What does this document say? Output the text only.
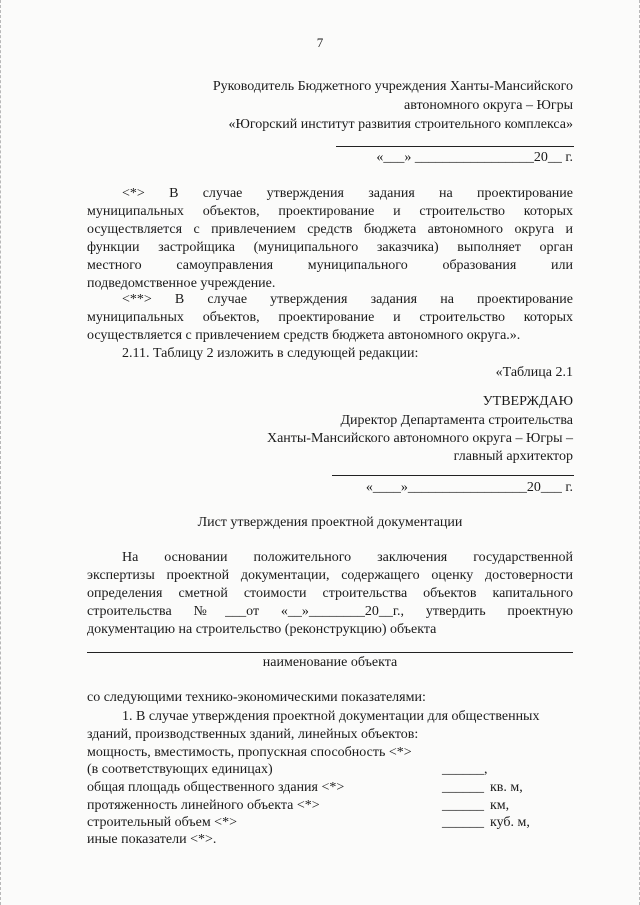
7
Руководитель Бюджетного учреждения Ханты-Мансийского
автономного округа – Югры
«Югорский институт развития строительного комплекса»
«___» _________________20__ г.
<*> В случае утверждения задания на проектирование
муниципальных объектов, проектирование и строительство которых
осуществляется с привлечением средств бюджета автономного округа и
функции застройщика (муниципального заказчика) выполняет орган
местного самоуправления муниципального образования или
подведомственное учреждение.
<**> В случае утверждения задания на проектирование
муниципальных объектов, проектирование и строительство которых
осуществляется с привлечением средств бюджета автономного округа.».
2.11. Таблицу 2 изложить в следующей редакции:
«Таблица 2.1
УТВЕРЖДАЮ
Директор Департамента строительства
Ханты-Мансийского автономного округа – Югры –
главный архитектор
«____»_________________20___ г.
Лист утверждения проектной документации
На основании положительного заключения государственной
экспертизы проектной документации, содержащего оценку достоверности
определения сметной стоимости строительства объектов капитального
строительства №___от «__»________20__г., утвердить проектную
документацию на строительство (реконструкцию) объекта
наименование объекта
со следующими технико-экономическими показателями:
1. В случае утверждения проектной документации для общественных
зданий, производственных зданий, линейных объектов:
мощность, вместимость, пропускная способность <*>
(в соответствующих единицах)	______,
общая площадь общественного здания <*>	______ кв. м,
протяженность линейного объекта <*>	______ км,
строительный объем <*>	______ куб. м,
иные показатели <*>.
